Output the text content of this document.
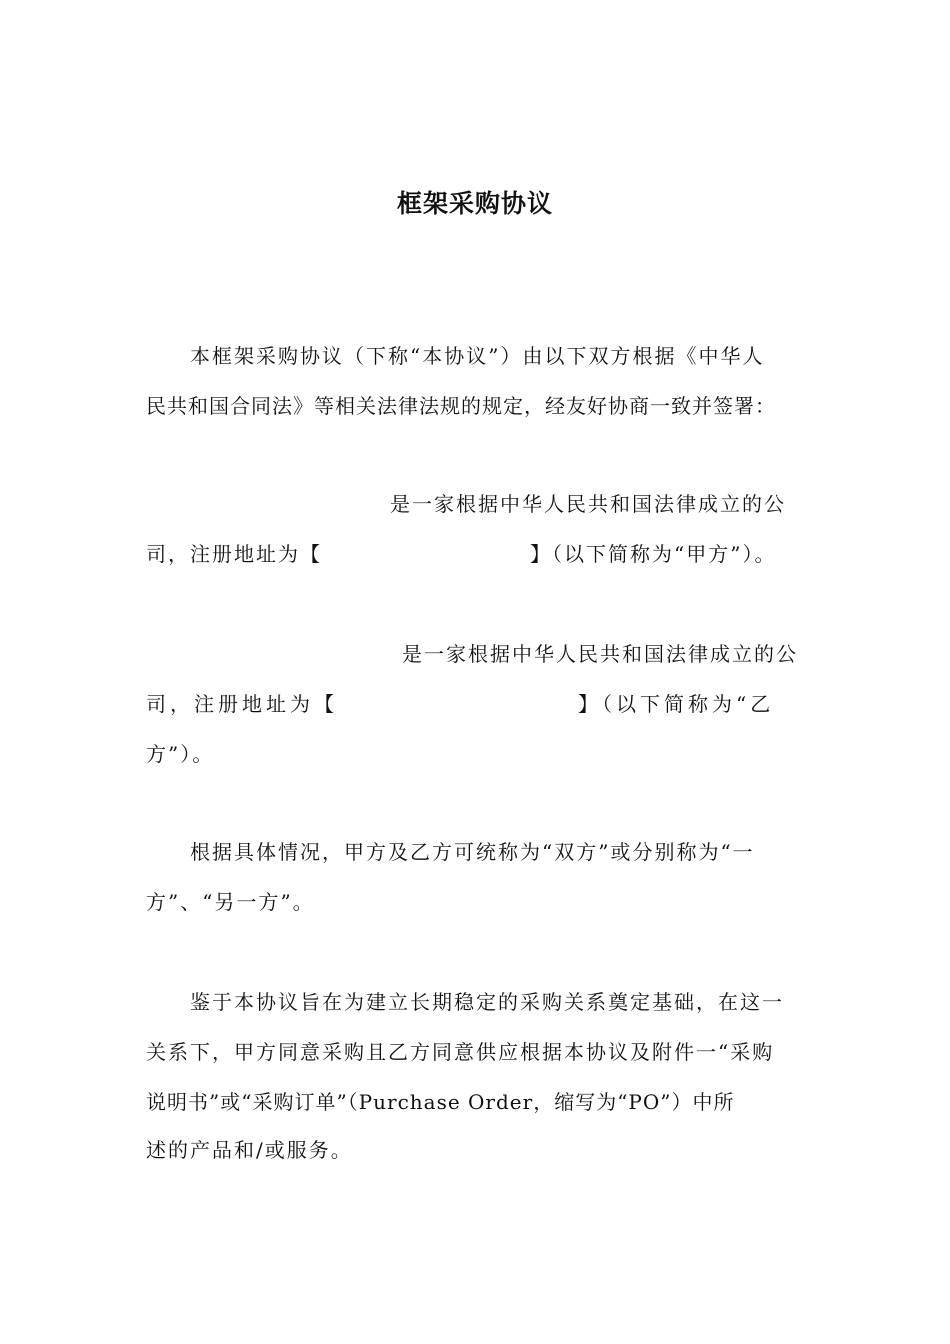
框架采购协议
本框架采购协议（下称“本协议”）由以下双方根据《中华人
民共和国合同法》等相关法律法规的规定，经友好协商一致并签署：
是一家根据中华人民共和国法律成立的公
司，注册地址为【	】（以下简称为“甲方”）。
是一家根据中华人民共和国法律成立的公
司，注册地址为【	】（以下简称为“乙
方”）。
根据具体情况，甲方及乙方可统称为“双方”或分别称为“一
方”、“另一方”。
鉴于本协议旨在为建立长期稳定的采购关系奠定基础，在这一
关系下，甲方同意采购且乙方同意供应根据本协议及附件一“采购
说明书”或“采购订单”（Purchase Order，缩写为“PO”）中所
述的产品和/或服务。
